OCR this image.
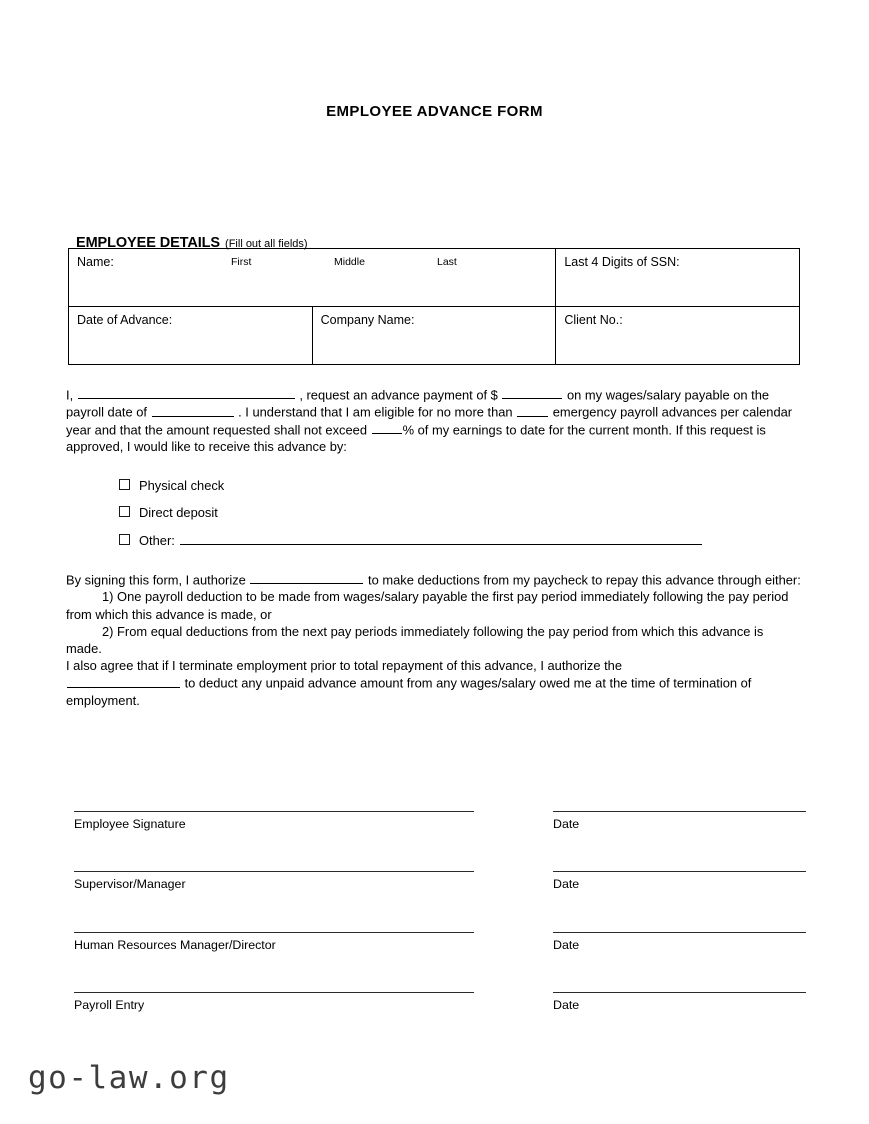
EMPLOYEE ADVANCE FORM
EMPLOYEE DETAILS (Fill out all fields)
Name: First Middle Last		Last 4 Digits of SSN:
Date of Advance:	Company Name:	Client No.:
I,	, request an advance payment of $	on my wages/salary payable on the payroll date of	. I understand that I am eligible for no more than	emergency payroll advances per calendar year and that the amount requested shall not exceed % of my earnings to date for the current month. If this request is approved, I would like to receive this advance by:
Physical check
Direct deposit
Other:
By signing this form, I authorize	to make deductions from my paycheck to repay this advance through either:
1) One payroll deduction to be made from wages/salary payable the first pay period immediately following the pay period from which this advance is made, or
2) From equal deductions from the next pay periods immediately following the pay period from which this advance is made.
I also agree that if I terminate employment prior to total repayment of this advance, I authorize the
to deduct any unpaid advance amount from any wages/salary owed me at the time of termination of employment.
Employee Signature	Date
Supervisor/Manager	Date
Human Resources Manager/Director	Date
Payroll Entry	Date
go-law.org
